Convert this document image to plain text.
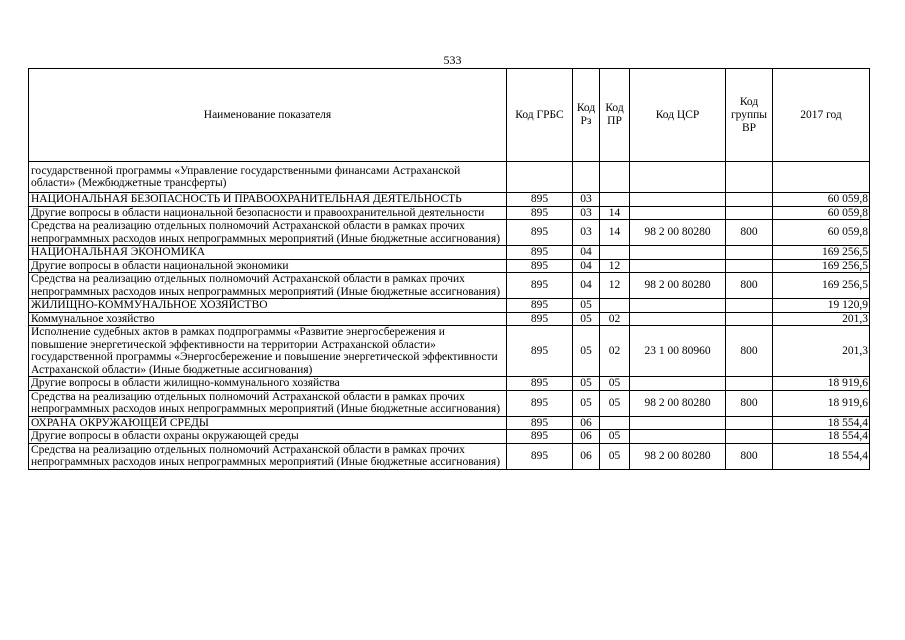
533
Наименование показателя	Код ГРБС	Код Рз	Код ПР	Код ЦСР	Код группы ВР	2017 год
государственной программы «Управление государственными финансами Астраханской области» (Межбюджетные трансферты)						
НАЦИОНАЛЬНАЯ БЕЗОПАСНОСТЬ И ПРАВООХРАНИТЕЛЬНАЯ ДЕЯТЕЛЬНОСТЬ	895	03				60 059,8
Другие вопросы в области национальной безопасности и правоохранительной деятельности	895	03	14			60 059,8
Средства на реализацию отдельных полномочий Астраханской области в рамках прочих непрограммных расходов иных непрограммных мероприятий (Иные бюджетные ассигнования)	895	03	14	98 2 00 80280	800	60 059,8
НАЦИОНАЛЬНАЯ ЭКОНОМИКА	895	04				169 256,5
Другие вопросы в области национальной экономики	895	04	12			169 256,5
Средства на реализацию отдельных полномочий Астраханской области в рамках прочих непрограммных расходов иных непрограммных мероприятий (Иные бюджетные ассигнования)	895	04	12	98 2 00 80280	800	169 256,5
ЖИЛИЩНО-КОММУНАЛЬНОЕ ХОЗЯЙСТВО	895	05				19 120,9
Коммунальное хозяйство	895	05	02			201,3
Исполнение судебных актов в рамках подпрограммы «Развитие энергосбережения и повышение энергетической эффективности на территории Астраханской области» государственной программы «Энергосбережение и повышение энергетической эффективности Астраханской области» (Иные бюджетные ассигнования)	895	05	02	23 1 00 80960	800	201,3
Другие вопросы в области жилищно-коммунального хозяйства	895	05	05			18 919,6
Средства на реализацию отдельных полномочий Астраханской области в рамках прочих непрограммных расходов иных непрограммных мероприятий (Иные бюджетные ассигнования)	895	05	05	98 2 00 80280	800	18 919,6
ОХРАНА ОКРУЖАЮЩЕЙ СРЕДЫ	895	06				18 554,4
Другие вопросы в области охраны окружающей среды	895	06	05			18 554,4
Средства на реализацию отдельных полномочий Астраханской области в рамках прочих непрограммных расходов иных непрограммных мероприятий (Иные бюджетные ассигнования)	895	06	05	98 2 00 80280	800	18 554,4
